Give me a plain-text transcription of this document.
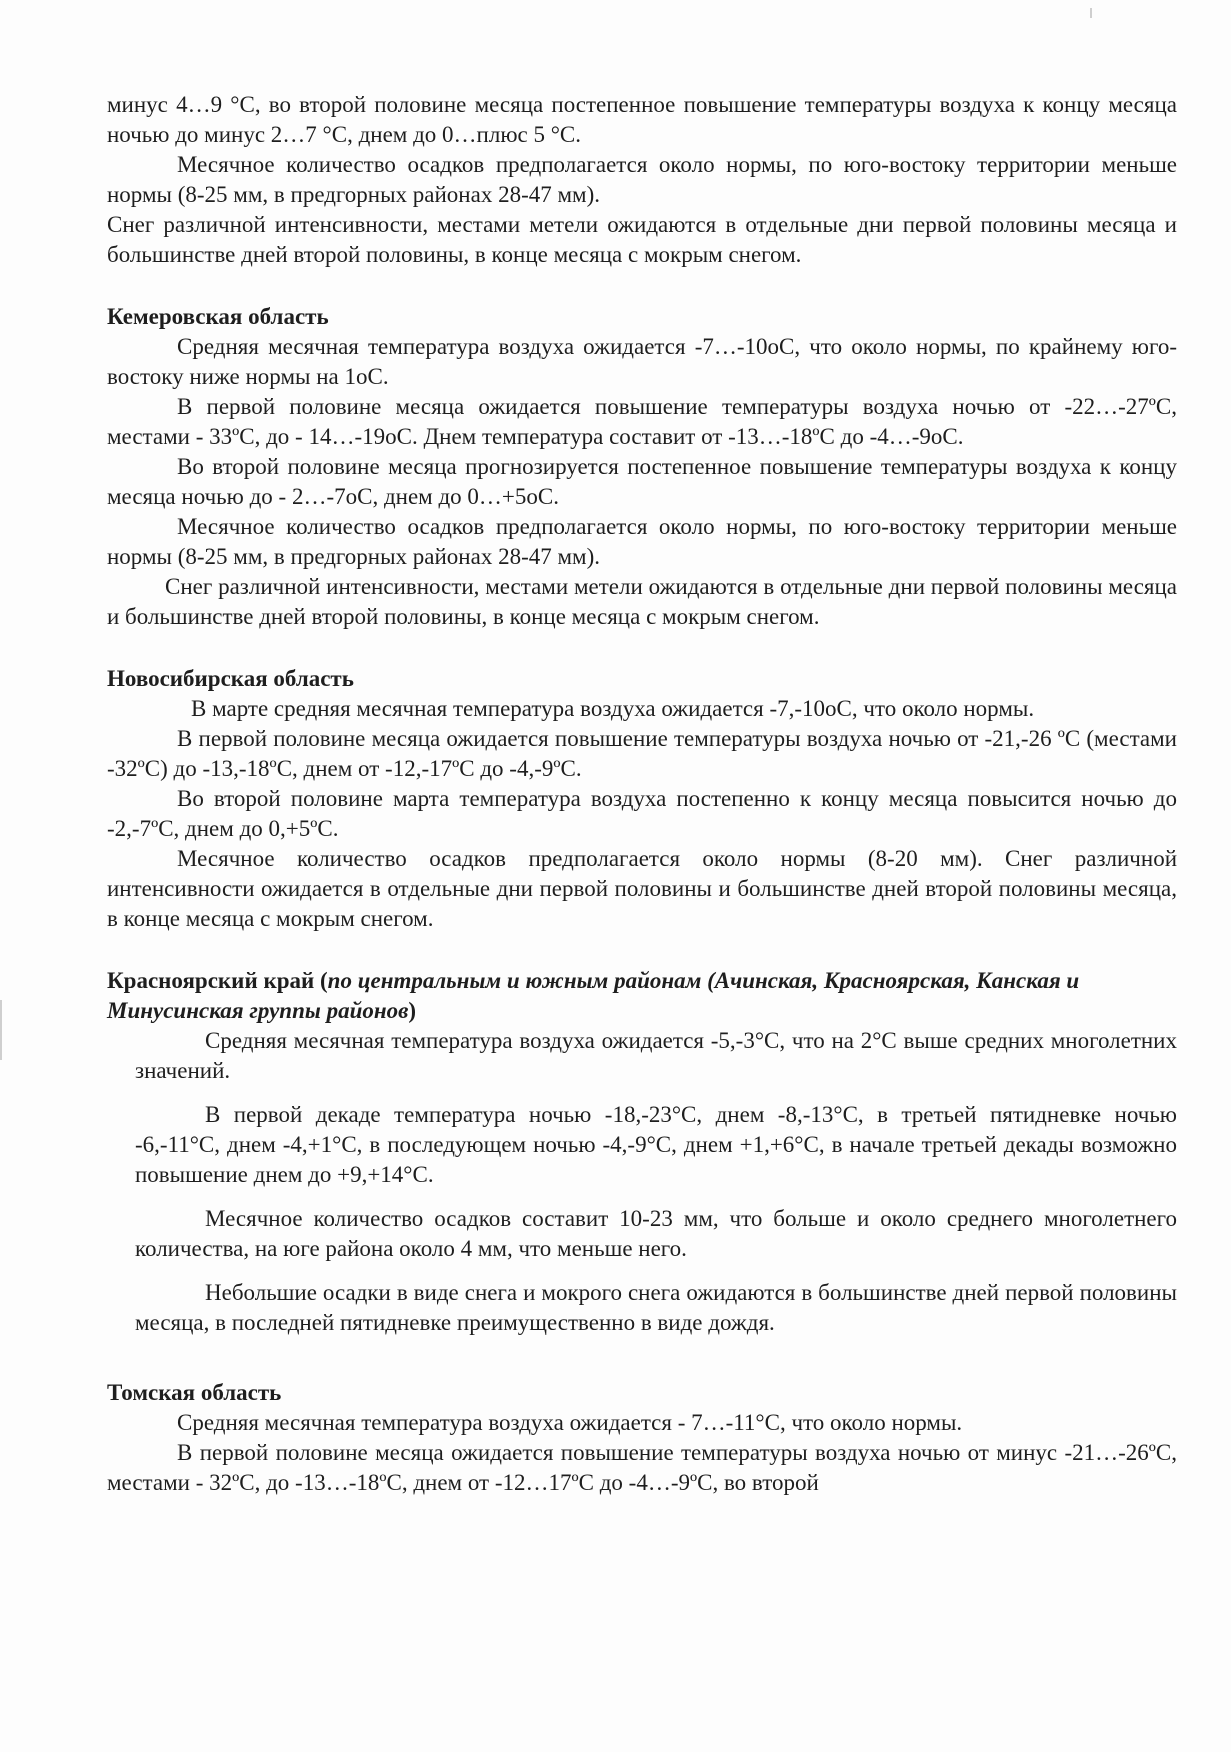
минус 4…9 °С, во второй половине месяца постепенное повышение температуры воздуха к концу месяца ночью до минус 2…7 °С, днем до 0…плюс 5 °С.

Месячное количество осадков предполагается около нормы, по юго-востоку территории меньше нормы (8-25 мм, в предгорных районах 28-47 мм).

Снег различной интенсивности, местами метели ожидаются в отдельные дни первой половины месяца и большинстве дней второй половины, в конце месяца с мокрым снегом.

Кемеровская область

Средняя месячная температура воздуха ожидается -7…-10оС, что около нормы, по крайнему юго-востоку ниже нормы на 1оС.

В первой половине месяца ожидается повышение температуры воздуха ночью от -22…-27ºС, местами - 33ºС, до - 14…-19оС. Днем температура составит от -13…-18ºС до -4…-9оС.

Во второй половине месяца прогнозируется постепенное повышение температуры воздуха к концу месяца ночью до - 2…-7оС, днем до 0…+5оС.

Месячное количество осадков предполагается около нормы, по юго-востоку территории меньше нормы (8-25 мм, в предгорных районах 28-47 мм).

Снег различной интенсивности, местами метели ожидаются в отдельные дни первой половины месяца и большинстве дней второй половины, в конце месяца с мокрым снегом.

Новосибирская область

В марте средняя месячная температура воздуха ожидается -7,-10оС, что около нормы.

В первой половине месяца ожидается повышение температуры воздуха ночью от -21,-26 ºС (местами -32ºС) до -13,-18ºС, днем от -12,-17ºС до -4,-9ºС.

Во второй половине марта температура воздуха постепенно к концу месяца повысится ночью до -2,-7ºС, днем до 0,+5ºС.

Месячное количество осадков предполагается около нормы (8-20 мм). Снег различной интенсивности ожидается в отдельные дни первой половины и большинстве дней второй половины месяца, в конце месяца с мокрым снегом.

Красноярский край (по центральным и южным районам (Ачинская, Красноярская, Канская и Минусинская группы районов)

Средняя месячная температура воздуха ожидается -5,-3°С, что на 2°С выше средних многолетних значений.

В первой декаде температура ночью -18,-23°С, днем -8,-13°С, в третьей пятидневке ночью -6,-11°С, днем -4,+1°С, в последующем ночью -4,-9°С, днем +1,+6°С, в начале третьей декады возможно повышение днем до +9,+14°С.

Месячное количество осадков составит 10-23 мм, что больше и около среднего многолетнего количества, на юге района около 4 мм, что меньше него.

Небольшие осадки в виде снега и мокрого снега ожидаются в большинстве дней первой половины месяца, в последней пятидневке преимущественно в виде дождя.

Томская область

Средняя месячная температура воздуха ожидается - 7…-11°С, что около нормы.

В первой половине месяца ожидается повышение температуры воздуха ночью от минус -21…-26ºС, местами - 32ºС, до -13…-18ºС, днем от -12…17ºС до -4…-9ºС, во второй
